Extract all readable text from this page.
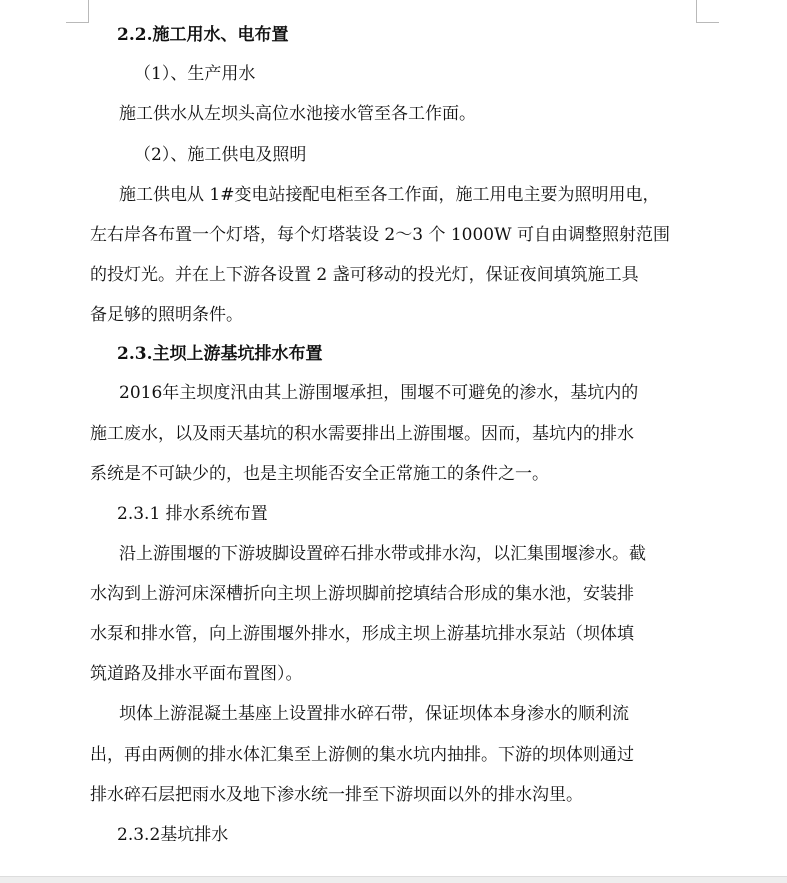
2.2.施工用水、电布置

（1）、生产用水

施工供水从左坝头高位水池接水管至各工作面。

（2）、施工供电及照明

施工供电从 1#变电站接配电柜至各工作面，施工用电主要为照明用电，

左右岸各布置一个灯塔，每个灯塔装设 2～3 个 1000W 可自由调整照射范围

的投灯光。并在上下游各设置 2 盏可移动的投光灯，保证夜间填筑施工具

备足够的照明条件。

2.3.主坝上游基坑排水布置

2016年主坝度汛由其上游围堰承担，围堰不可避免的渗水，基坑内的

施工废水，以及雨天基坑的积水需要排出上游围堰。因而，基坑内的排水

系统是不可缺少的，也是主坝能否安全正常施工的条件之一。

2.3.1 排水系统布置

沿上游围堰的下游坡脚设置碎石排水带或排水沟，以汇集围堰渗水。截

水沟到上游河床深槽折向主坝上游坝脚前挖填结合形成的集水池，安装排

水泵和排水管，向上游围堰外排水，形成主坝上游基坑排水泵站（坝体填

筑道路及排水平面布置图）。

坝体上游混凝土基座上设置排水碎石带，保证坝体本身渗水的顺利流

出，再由两侧的排水体汇集至上游侧的集水坑内抽排。下游的坝体则通过

排水碎石层把雨水及地下渗水统一排至下游坝面以外的排水沟里。

2.3.2基坑排水
